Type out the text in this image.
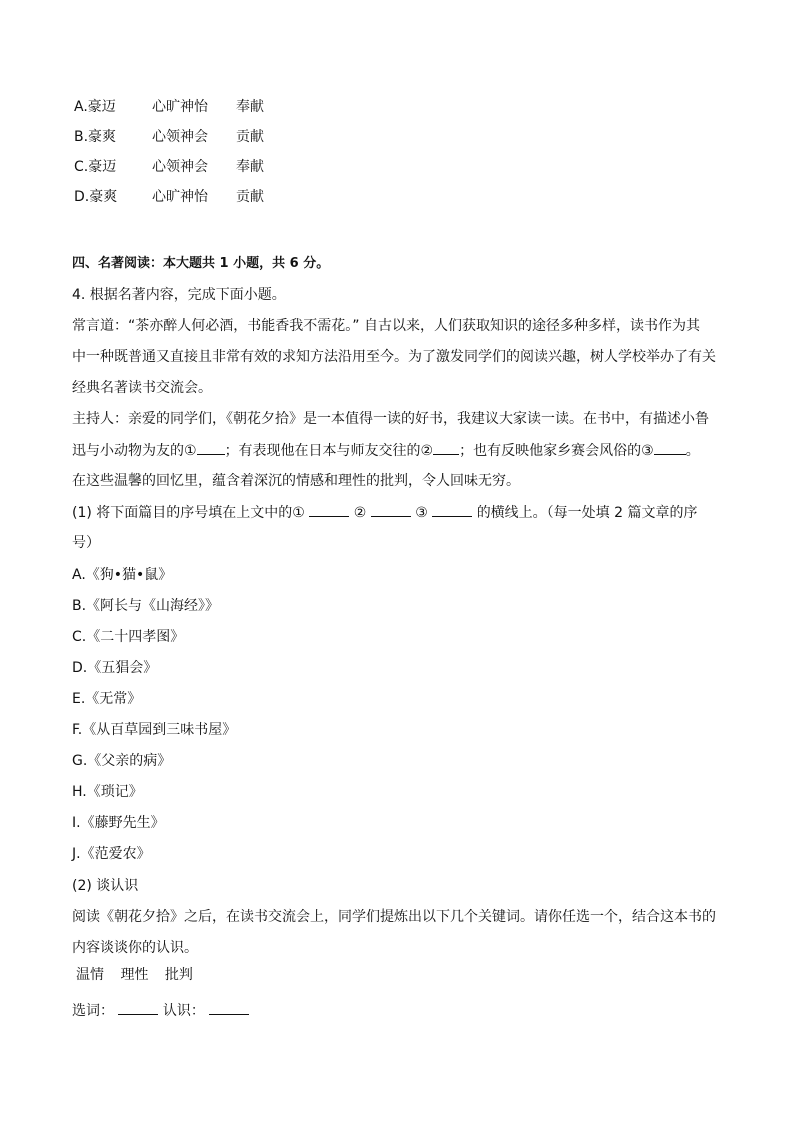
A.豪迈	心旷神怡 奉献
B.豪爽	心领神会 贡献
C.豪迈	心领神会 奉献
D.豪爽 心旷神怡 贡献
四、名著阅读：本大题共 1 小题，共 6 分。
4. 根据名著内容，完成下面小题。
常言道：“茶亦醉人何必酒，书能香我不需花。” 自古以来，人们获取知识的途径多种多样，读书作为其
中一种既普通又直接且非常有效的求知方法沿用至今。为了激发同学们的阅读兴趣，树人学校举办了有关
经典名著读书交流会。
主持人：亲爱的同学们，《朝花夕拾》是一本值得一读的好书，我建议大家读一读。在书中，有描述小鲁
迅与小动物为友的① ；有表现他在日本与师友交往的② ；也有反映他家乡赛会风俗的③ 。
在这些温馨的回忆里，蕴含着深沉的情感和理性的批判，令人回味无穷。
(1) 将下面篇目的序号填在上文中的①	②	③	的横线上。（每一处填 2 篇文章的序
号）
A.《狗•猫•鼠》
B.《阿长与《山海经》》
C.《二十四孝图》
D.《五猖会》
E.《无常》
F.《从百草园到三味书屋》
G.《父亲的病》
H.《琐记》
I.《藤野先生》
J.《范爱农》
(2) 谈认识
阅读《朝花夕拾》之后，在读书交流会上，同学们提炼出以下几个关键词。请你任选一个，结合这本书的
内容谈谈你的认识。
温情 理性 批判
选词：	认识：
